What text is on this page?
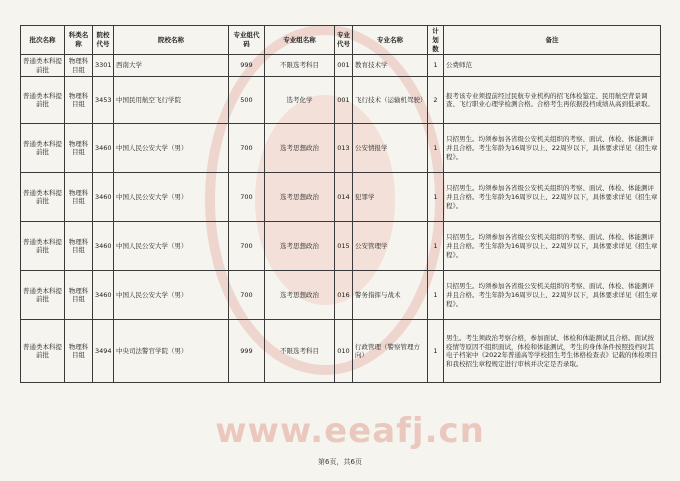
批次名称	科类名称	院校代号	院校名称	专业组代码	专业组名称	专业代号	专业名称	计划数	备注
普通类本科提前批	物理科目组	3301	西南大学	999	不限选考科目	001	教育技术学	1	公费师范
普通类本科提前批	物理科目组	3453	中国民用航空飞行学院	500	选考化学	001	飞行技术（运输机驾驶）	2	报考该专业须提前经过民航专业机构的招飞体检鉴定、民用航空背景调查、飞行职业心理学检测合格。合格考生再依据投档成绩从高到低录取。
普通类本科提前批	物理科目组	3460	中国人民公安大学（男）	700	选考思想政治	013	公安情报学	1	只招男生。均须参加各省级公安机关组织的考察、面试、体检、体能测评并且合格。考生年龄为16周岁以上、22周岁以下，具体要求详见《招生章程》。
普通类本科提前批	物理科目组	3460	中国人民公安大学（男）	700	选考思想政治	014	犯罪学	1	只招男生。均须参加各省级公安机关组织的考察、面试、体检、体能测评并且合格。考生年龄为16周岁以上、22周岁以下，具体要求详见《招生章程》。
普通类本科提前批	物理科目组	3460	中国人民公安大学（男）	700	选考思想政治	015	公安管理学	1	只招男生。均须参加各省级公安机关组织的考察、面试、体检、体能测评并且合格。考生年龄为16周岁以上、22周岁以下，具体要求详见《招生章程》。
普通类本科提前批	物理科目组	3460	中国人民公安大学（男）	700	选考思想政治	016	警务指挥与战术	1	只招男生。均须参加各省级公安机关组织的考察、面试、体检、体能测评并且合格。考生年龄为16周岁以上、22周岁以下，具体要求详见《招生章程》。
普通类本科提前批	物理科目组	3494	中央司法警官学院（男）	999	不限选考科目	010	行政管理（警察管理方向）	1	男生。考生须政治考察合格，参加面试、体检和体能测试且合格。面试按疫情等原因不组织面试，体检和体能测试，考生的身体条件按照投档时其电子档案中《2022年普通高等学校招生考生体格检查表》记载的体检项目和我校招生章程规定进行审核并决定是否录取。
www.eeafj.cn
第6页，共6页
